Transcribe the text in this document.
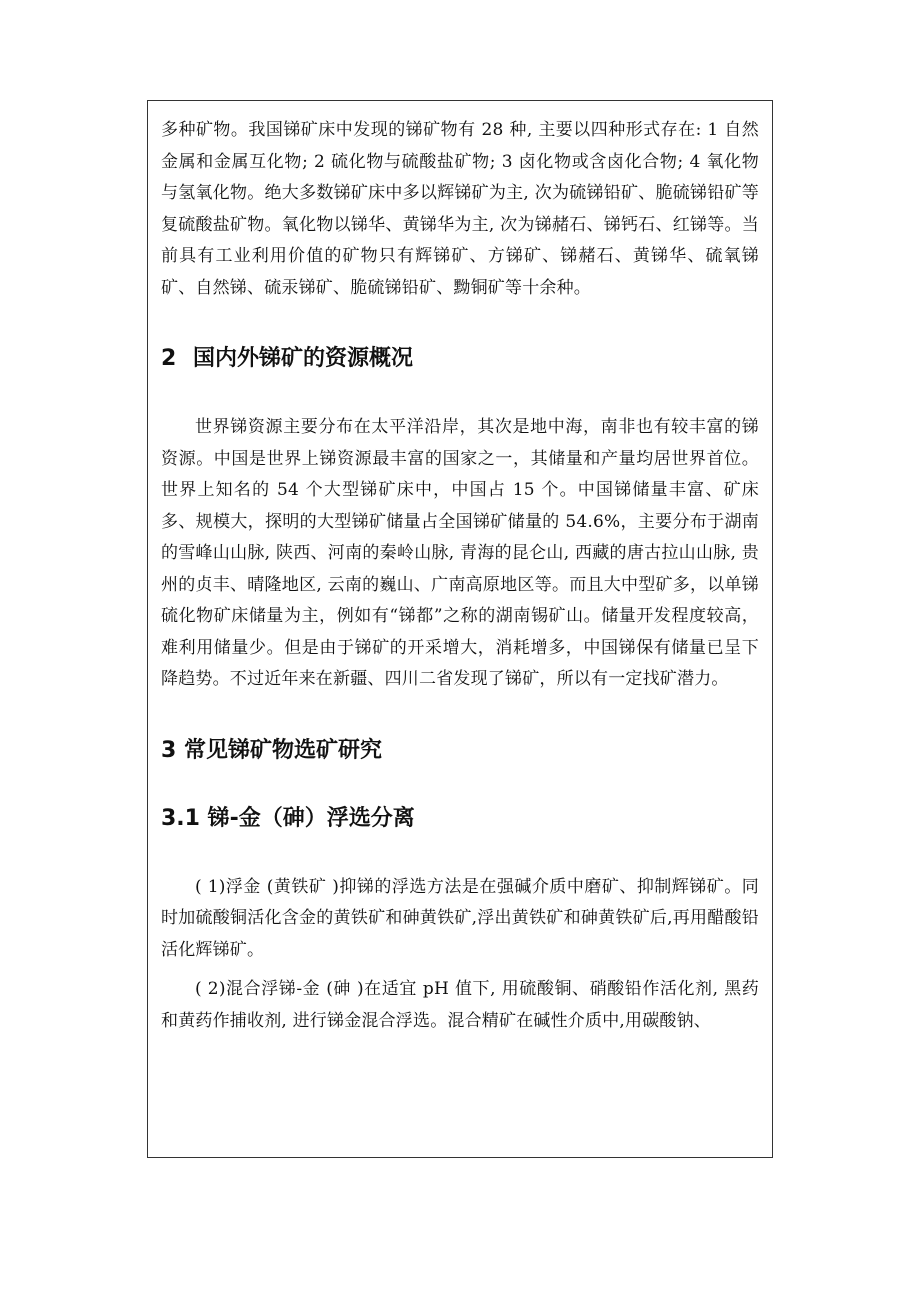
多种矿物。我国锑矿床中发现的锑矿物有 28 种, 主要以四种形式存在: 1 自然金属和金属互化物; 2 硫化物与硫酸盐矿物; 3 卤化物或含卤化合物; 4 氧化物与氢氧化物。绝大多数锑矿床中多以辉锑矿为主, 次为硫锑铅矿、脆硫锑铅矿等复硫酸盐矿物。氧化物以锑华、黄锑华为主, 次为锑赭石、锑钙石、红锑等。当前具有工业利用价值的矿物只有辉锑矿、方锑矿、锑赭石、黄锑华、硫氧锑矿、自然锑、硫汞锑矿、脆硫锑铅矿、黝铜矿等十余种。

2 国内外锑矿的资源概况

世界锑资源主要分布在太平洋沿岸，其次是地中海，南非也有较丰富的锑资源。中国是世界上锑资源最丰富的国家之一，其储量和产量均居世界首位。世界上知名的 54 个大型锑矿床中，中国占 15 个。中国锑储量丰富、矿床多、规模大，探明的大型锑矿储量占全国锑矿储量的 54.6%，主要分布于湖南的雪峰山山脉, 陕西、河南的秦岭山脉, 青海的昆仑山, 西藏的唐古拉山山脉, 贵州的贞丰、晴隆地区, 云南的巍山、广南高原地区等。而且大中型矿多，以单锑硫化物矿床储量为主，例如有“锑都”之称的湖南锡矿山。储量开发程度较高，难利用储量少。但是由于锑矿的开采增大，消耗增多，中国锑保有储量已呈下降趋势。不过近年来在新疆、四川二省发现了锑矿，所以有一定找矿潜力。

3 常见锑矿物选矿研究
3.1 锑-金（砷）浮选分离

( 1)浮金 (黄铁矿 )抑锑的浮选方法是在强碱介质中磨矿、抑制辉锑矿。同时加硫酸铜活化含金的黄铁矿和砷黄铁矿,浮出黄铁矿和砷黄铁矿后,再用醋酸铅活化辉锑矿。

( 2)混合浮锑-金 (砷 )在适宜 pH 值下, 用硫酸铜、硝酸铅作活化剂, 黑药和黄药作捕收剂, 进行锑金混合浮选。混合精矿在碱性介质中,用碳酸钠、
